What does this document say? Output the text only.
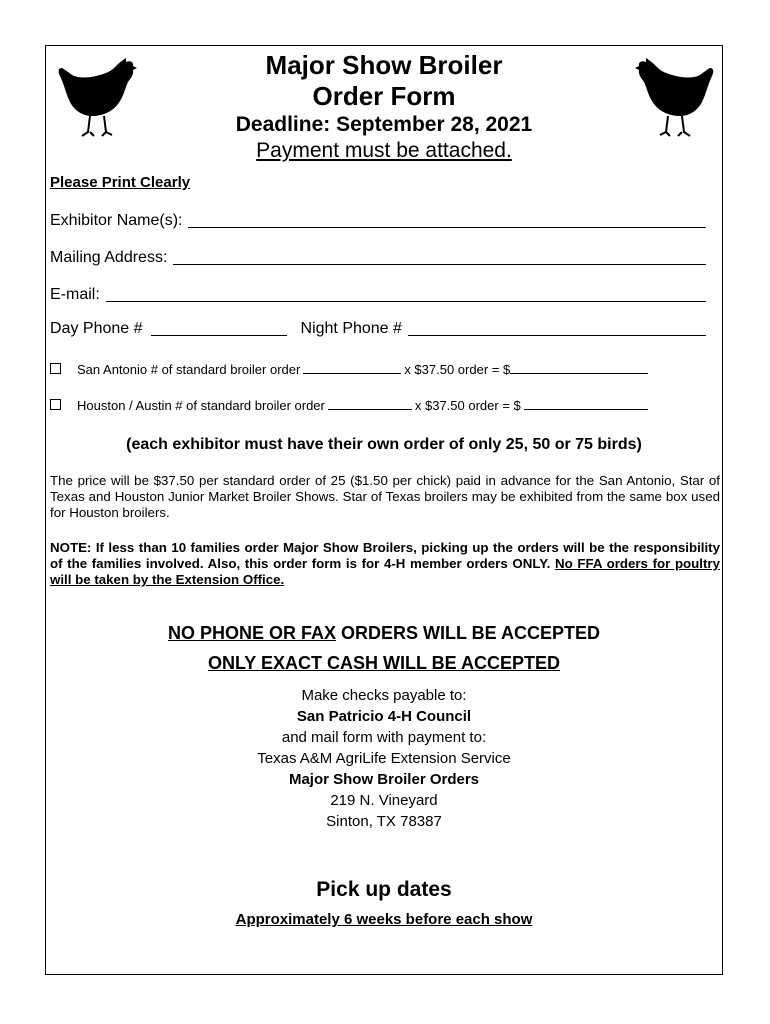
Major Show Broiler
Order Form
Deadline: September 28, 2021
Payment must be attached.
Please Print Clearly
Exhibitor Name(s):
Mailing Address:
E-mail:
Day Phone #	Night Phone #
San Antonio # of standard broiler order	x $37.50 order = $
Houston / Austin # of standard broiler order	x $37.50 order = $
(each exhibitor must have their own order of only 25, 50 or 75 birds)
The price will be $37.50 per standard order of 25 ($1.50 per chick) paid in advance for the San Antonio, Star of Texas and Houston Junior Market Broiler Shows. Star of Texas broilers may be exhibited from the same box used for Houston broilers.
NOTE: If less than 10 families order Major Show Broilers, picking up the orders will be the responsibility of the families involved. Also, this order form is for 4-H member orders ONLY. No FFA orders for poultry will be taken by the Extension Office.
NO PHONE OR FAX ORDERS WILL BE ACCEPTED
ONLY EXACT CASH WILL BE ACCEPTED
Make checks payable to:
San Patricio 4-H Council
and mail form with payment to:
Texas A&M AgriLife Extension Service
Major Show Broiler Orders
219 N. Vineyard
Sinton, TX 78387
Pick up dates
Approximately 6 weeks before each show
